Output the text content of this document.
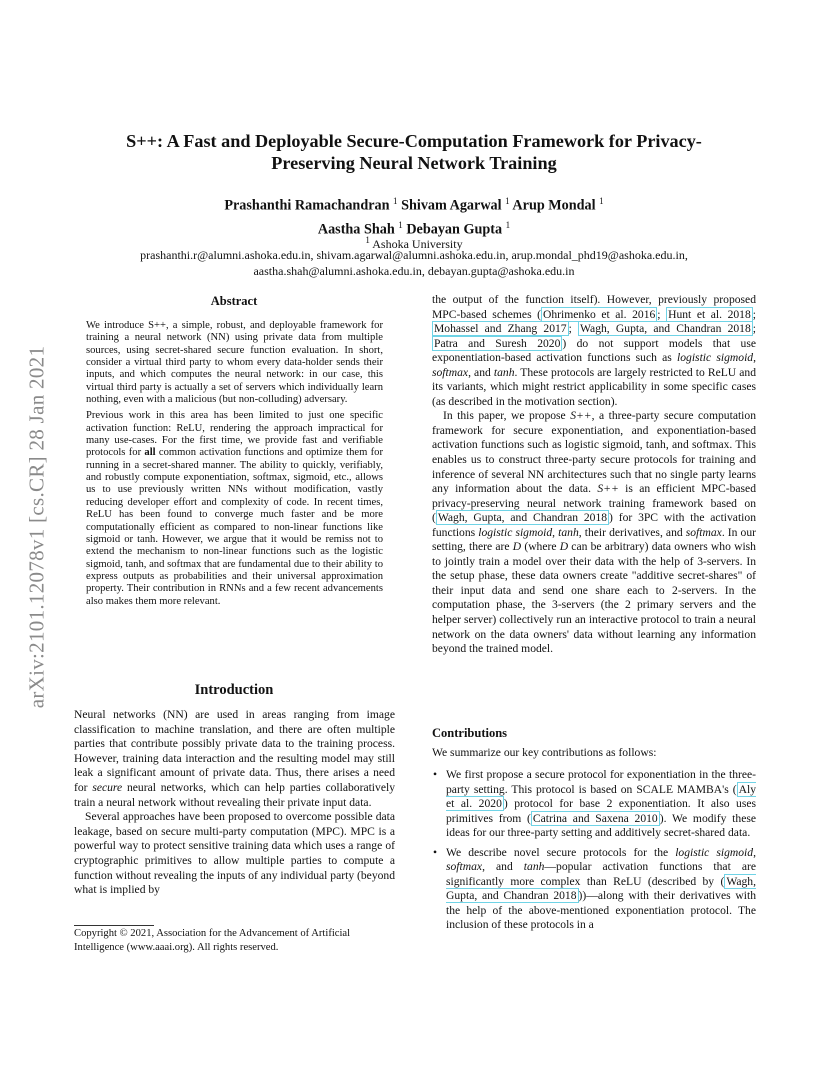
arXiv:2101.12078v1 [cs.CR] 28 Jan 2021
S++: A Fast and Deployable Secure-Computation Framework for Privacy-Preserving Neural Network Training
Prashanthi Ramachandran $^1$ Shivam Agarwal $^1$ Arup Mondal $^1$
Aastha Shah $^1$ Debayan Gupta $^1$
$^1$ Ashoka University
prashanthi.r@alumni.ashoka.edu.in, shivam.agarwal@alumni.ashoka.edu.in, arup.mondal_phd19@ashoka.edu.in,
aastha.shah@alumni.ashoka.edu.in, debayan.gupta@ashoka.edu.in
Abstract

We introduce S++, a simple, robust, and deployable framework for training a neural network (NN) using private data from multiple sources, using secret-shared secure function evaluation. In short, consider a virtual third party to whom every data-holder sends their inputs, and which computes the neural network: in our case, this virtual third party is actually a set of servers which individually learn nothing, even with a malicious (but non-colluding) adversary.

Previous work in this area has been limited to just one specific activation function: ReLU, rendering the approach impractical for many use-cases. For the first time, we provide fast and verifiable protocols for all common activation functions and optimize them for running in a secret-shared manner. The ability to quickly, verifiably, and robustly compute exponentiation, softmax, sigmoid, etc., allows us to use previously written NNs without modification, vastly reducing developer effort and complexity of code. In recent times, ReLU has been found to converge much faster and be more computationally efficient as compared to non-linear functions like sigmoid or tanh. However, we argue that it would be remiss not to extend the mechanism to non-linear functions such as the logistic sigmoid, tanh, and softmax that are fundamental due to their ability to express outputs as probabilities and their universal approximation property. Their contribution in RNNs and a few recent advancements also makes them more relevant.

Introduction

Neural networks (NN) are used in areas ranging from image classification to machine translation, and there are often multiple parties that contribute possibly private data to the training process. However, training data interaction and the resulting model may still leak a significant amount of private data. Thus, there arises a need for secure neural networks, which can help parties collaboratively train a neural network without revealing their private input data.

Several approaches have been proposed to overcome possible data leakage, based on secure multi-party computation (MPC). MPC is a powerful way to protect sensitive training data which uses a range of cryptographic primitives to allow multiple parties to compute a function without revealing the inputs of any individual party (beyond what is implied by

Copyright © 2021, Association for the Advancement of Artificial Intelligence (www.aaai.org). All rights reserved.

the output of the function itself). However, previously proposed MPC-based schemes ( Ohrimenko et al. 2016 ; Hunt et al. 2018 ; Mohassel and Zhang 2017 ; Wagh, Gupta, and Chandran 2018 ; Patra and Suresh 2020 ) do not support models that use exponentiation-based activation functions such as logistic sigmoid, softmax, and tanh. These protocols are largely restricted to ReLU and its variants, which might restrict applicability in some specific cases (as described in the motivation section).

In this paper, we propose S++, a three-party secure computation framework for secure exponentiation, and exponentiation-based activation functions such as logistic sigmoid, tanh, and softmax. This enables us to construct three-party secure protocols for training and inference of several NN architectures such that no single party learns any information about the data. S++ is an efficient MPC-based privacy-preserving neural network training framework based on ( Wagh, Gupta, and Chandran 2018 ) for 3PC with the activation functions logistic sigmoid, tanh, their derivatives, and softmax. In our setting, there are D (where D can be arbitrary) data owners who wish to jointly train a model over their data with the help of 3-servers. In the setup phase, these data owners create "additive secret-shares" of their input data and send one share each to 2-servers. In the computation phase, the 3-servers (the 2 primary servers and the helper server) collectively run an interactive protocol to train a neural network on the data owners' data without learning any information beyond the trained model.

Contributions
We summarize our key contributions as follows:
• We first propose a secure protocol for exponentiation in the three-party setting. This protocol is based on SCALE MAMBA's ( Aly et al. 2020 ) protocol for base 2 exponentiation. It also uses primitives from ( Catrina and Saxena 2010 ). We modify these ideas for our three-party setting and additively secret-shared data.
• We describe novel secure protocols for the logistic sigmoid, softmax, and tanh—popular activation functions that are significantly more complex than ReLU (described by ( Wagh, Gupta, and Chandran 2018 ))—along with their derivatives with the help of the above-mentioned exponentiation protocol. The inclusion of these protocols in a
